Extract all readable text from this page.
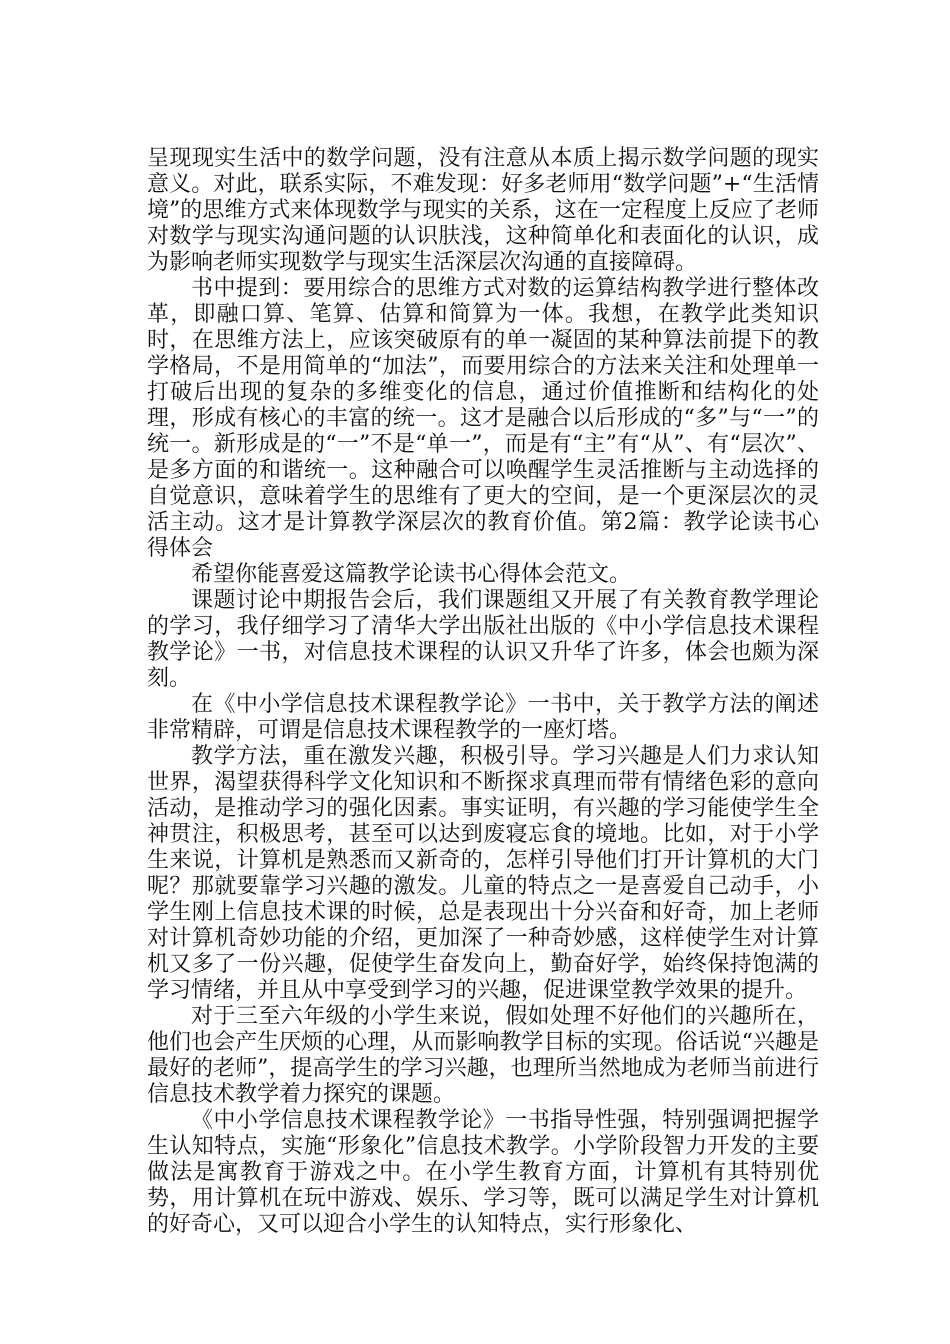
呈现现实生活中的数学问题，没有注意从本质上揭示数学问题的现实意义。对此，联系实际，不难发现：好多老师用“数学问题”+“生活情境”的思维方式来体现数学与现实的关系，这在一定程度上反应了老师对数学与现实沟通问题的认识肤浅，这种简单化和表面化的认识，成为影响老师实现数学与现实生活深层次沟通的直接障碍。

书中提到：要用综合的思维方式对数的运算结构教学进行整体改革，即融口算、笔算、估算和简算为一体。我想，在教学此类知识时，在思维方法上，应该突破原有的单一凝固的某种算法前提下的教学格局，不是用简单的“加法”，而要用综合的方法来关注和处理单一打破后出现的复杂的多维变化的信息，通过价值推断和结构化的处理，形成有核心的丰富的统一。这才是融合以后形成的“多”与“一”的统一。新形成是的“一”不是“单一”，而是有“主”有“从”、有“层次”、是多方面的和谐统一。这种融合可以唤醒学生灵活推断与主动选择的自觉意识，意味着学生的思维有了更大的空间，是一个更深层次的灵活主动。这才是计算教学深层次的教育价值。第2篇：教学论读书心得体会

希望你能喜爱这篇教学论读书心得体会范文。

课题讨论中期报告会后，我们课题组又开展了有关教育教学理论的学习，我仔细学习了清华大学出版社出版的《中小学信息技术课程教学论》一书，对信息技术课程的认识又升华了许多，体会也颇为深刻。

在《中小学信息技术课程教学论》一书中，关于教学方法的阐述非常精辟，可谓是信息技术课程教学的一座灯塔。

教学方法，重在激发兴趣，积极引导。学习兴趣是人们力求认知世界，渴望获得科学文化知识和不断探求真理而带有情绪色彩的意向活动，是推动学习的强化因素。事实证明，有兴趣的学习能使学生全神贯注，积极思考，甚至可以达到废寝忘食的境地。比如，对于小学生来说，计算机是熟悉而又新奇的，怎样引导他们打开计算机的大门呢？那就要靠学习兴趣的激发。儿童的特点之一是喜爱自己动手，小学生刚上信息技术课的时候，总是表现出十分兴奋和好奇，加上老师对计算机奇妙功能的介绍，更加深了一种奇妙感，这样使学生对计算机又多了一份兴趣，促使学生奋发向上，勤奋好学，始终保持饱满的学习情绪，并且从中享受到学习的兴趣，促进课堂教学效果的提升。

对于三至六年级的小学生来说，假如处理不好他们的兴趣所在，他们也会产生厌烦的心理，从而影响教学目标的实现。俗话说“兴趣是最好的老师”，提高学生的学习兴趣，也理所当然地成为老师当前进行信息技术教学着力探究的课题。

《中小学信息技术课程教学论》一书指导性强，特别强调把握学生认知特点，实施“形象化”信息技术教学。小学阶段智力开发的主要做法是寓教育于游戏之中。在小学生教育方面，计算机有其特别优势，用计算机在玩中游戏、娱乐、学习等，既可以满足学生对计算机的好奇心，又可以迎合小学生的认知特点，实行形象化、
